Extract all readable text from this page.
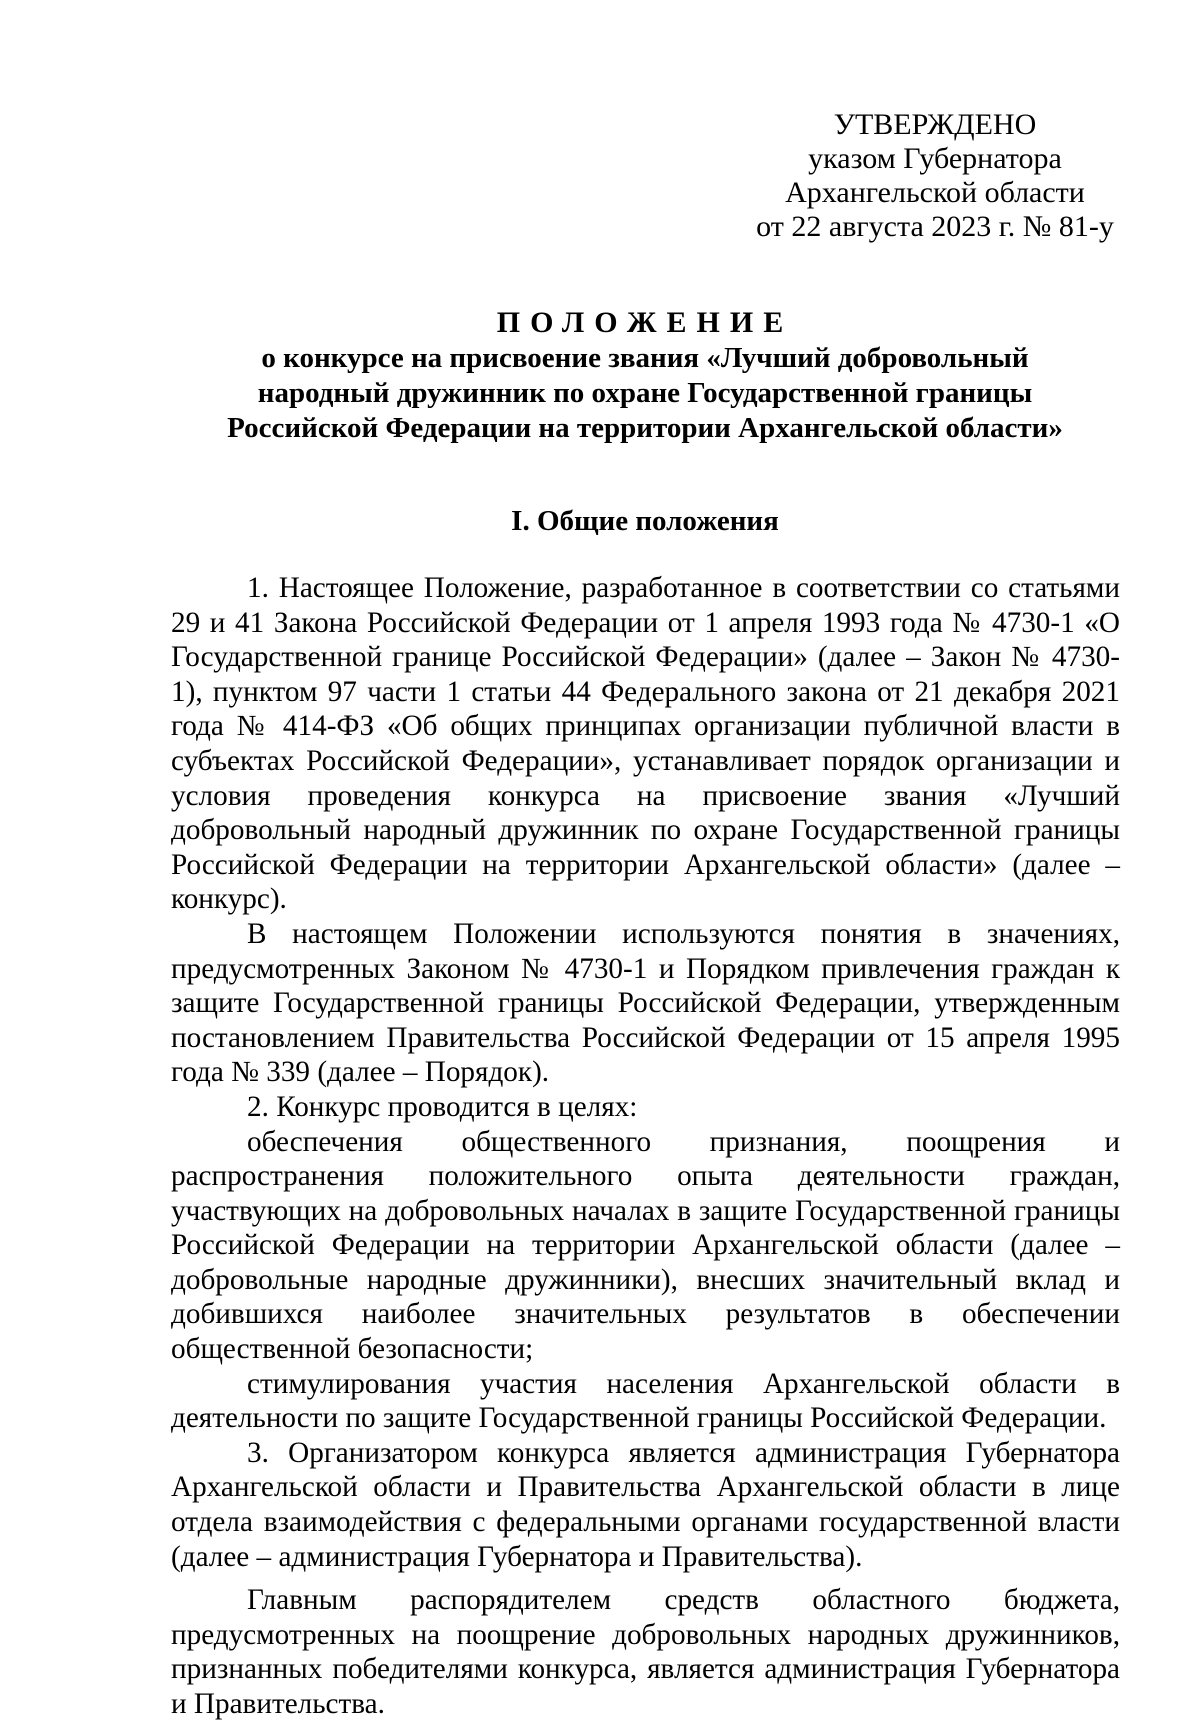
УТВЕРЖДЕНО
указом Губернатора
Архангельской области
от 22 августа 2023 г. № 81-у
ПОЛОЖЕНИЕ
о конкурсе на присвоение звания «Лучший добровольный
народный дружинник по охране Государственной границы
Российской Федерации на территории Архангельской области»
I. Общие положения

1. Настоящее Положение, разработанное в соответствии со статьями 29 и 41 Закона Российской Федерации от 1 апреля 1993 года № 4730-1 «О Государственной границе Российской Федерации» (далее – Закон № 4730-1), пунктом 97 части 1 статьи 44 Федерального закона от 21 декабря 2021 года № 414-ФЗ «Об общих принципах организации публичной власти в субъектах Российской Федерации», устанавливает порядок организации и условия проведения конкурса на присвоение звания «Лучший добровольный народный дружинник по охране Государственной границы Российской Федерации на территории Архангельской области» (далее – конкурс).

В настоящем Положении используются понятия в значениях, предусмотренных Законом № 4730-1 и Порядком привлечения граждан к защите Государственной границы Российской Федерации, утвержденным постановлением Правительства Российской Федерации от 15 апреля 1995 года № 339 (далее – Порядок).

2. Конкурс проводится в целях:

обеспечения общественного признания, поощрения и распространения положительного опыта деятельности граждан, участвующих на добровольных началах в защите Государственной границы Российской Федерации на территории Архангельской области (далее – добровольные народные дружинники), внесших значительный вклад и добившихся наиболее значительных результатов в обеспечении общественной безопасности;

стимулирования участия населения Архангельской области в деятельности по защите Государственной границы Российской Федерации.

3. Организатором конкурса является администрация Губернатора Архангельской области и Правительства Архангельской области в лице отдела взаимодействия с федеральными органами государственной власти (далее – администрация Губернатора и Правительства).

Главным распорядителем средств областного бюджета, предусмотренных на поощрение добровольных народных дружинников, признанных победителями конкурса, является администрация Губернатора и Правительства.
